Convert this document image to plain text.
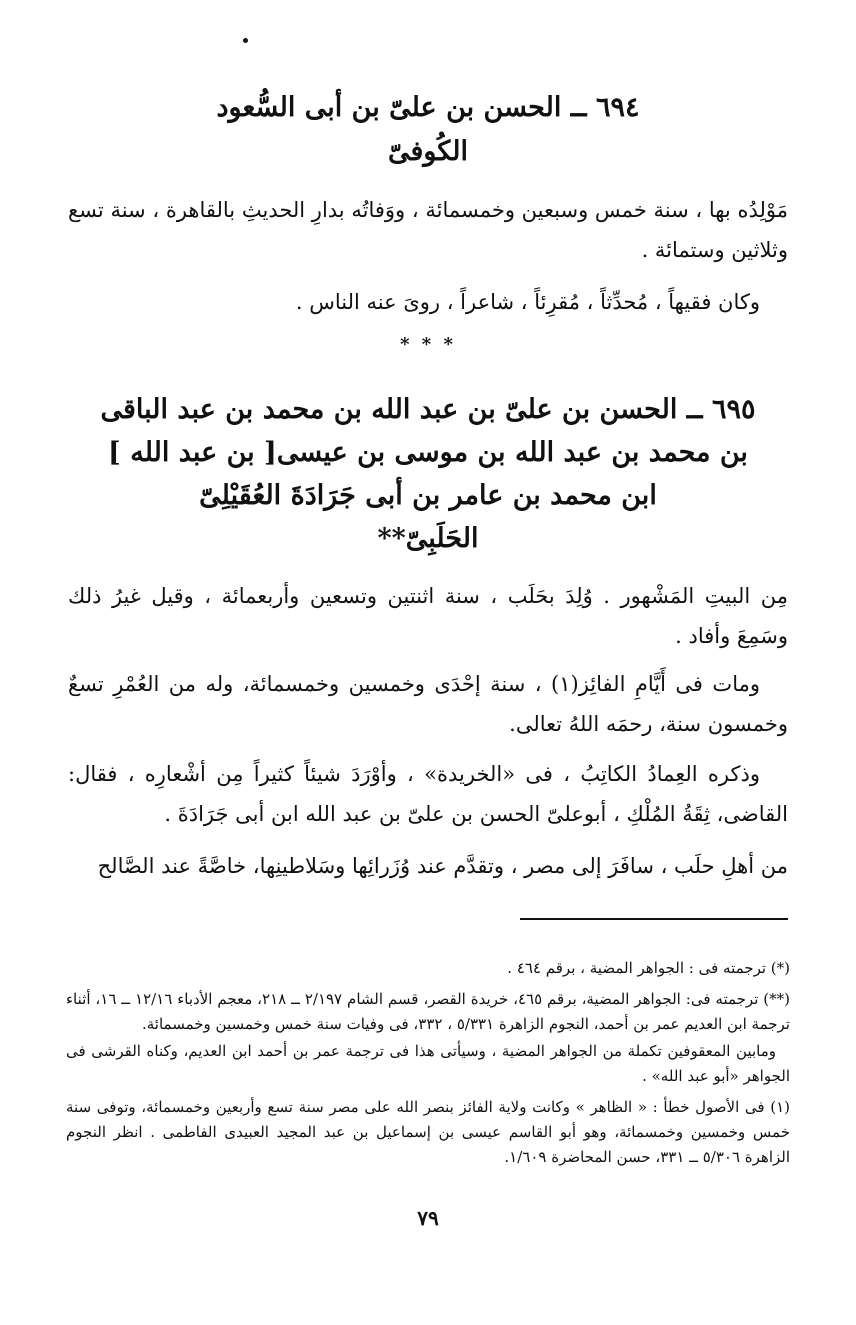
٦٩٤ ــ الحسن بن علىّ بن أبى السُّعود
الكُوفىّ

مَوْلِدُه بها ، سنة خمس وسبعين وخمسمائة ، ووَفاتُه بدارِ الحديثِ بالقاهرة ، سنة تسع وثلاثين وستمائة .

وكان فقيهاً ، مُحدِّثاً ، مُقرِئاً ، شاعراً ، روىَ عنه الناس .

* * *
٦٩٥ ــ الحسن بن علىّ بن عبد الله بن محمد بن عبد الباقى
بن محمد بن عبد الله بن موسى بن عيسى[ بن عبد الله ]
ابن محمد بن عامر بن أبى جَرَادَةَ العُقَيْلِىّ
الحَلَبِىّ**

مِن البيتِ المَشْهور . وُلِدَ بحَلَب ، سنة اثنتين وتسعين وأربعمائة ، وقيل غيرُ ذلك وسَمِعَ وأفاد .

ومات فى أَيَّامِ الفائِز(١) ، سنة إحْدَى وخمسين وخمسمائة، وله من العُمْرِ تسعٌ وخمسون سنة، رحمَه اللهُ تعالى.

وذكره العِمادُ الكاتِبُ ، فى «الخريدة» ، وأوْرَدَ شيئاً كثيراً مِن أشْعارِه ، فقال: القاضى، ثِقَةُ المُلْكِ ، أبوعلىّ الحسن بن علىّ بن عبد الله ابن أبى جَرَادَةَ .

من أهلِ حلَب ، سافَرَ إلى مصر ، وتقدَّم عند وُزَرائِها وسَلاطينِها، خاصَّةً عند الصَّالح

(*) ترجمته فى : الجواهر المضية ، برقم ٤٦٤ .

(**) ترجمته فى: الجواهر المضية، برقم ٤٦٥، خريدة القصر، قسم الشام ٢/١٩٧ ــ ٢١٨، معجم الأدباء ١٢/١٦ ــ ١٦، أثناء ترجمة ابن العديم عمر بن أحمد، النجوم الزاهرة ٥/٣٣١ ، ٣٣٢، فى وفيات سنة خمس وخمسين وخمسمائة.

ومابين المعقوفين تكملة من الجواهر المضية ، وسيأتى هذا فى ترجمة عمر بن أحمد ابن العديم، وكناه القرشى فى الجواهر «أبو عبد الله» .

(١) فى الأصول خطأ : « الظاهر » وكانت ولاية الفائز بنصر الله على مصر سنة تسع وأربعين وخمسمائة، وتوفى سنة خمس وخمسين وخمسمائة، وهو أبو القاسم عيسى بن إسماعيل بن عبد المجيد العبيدى الفاطمى . انظر النجوم الزاهرة ٥/٣٠٦ ــ ٣٣١، حسن المحاضرة ١/٦٠٩.

٧٩
